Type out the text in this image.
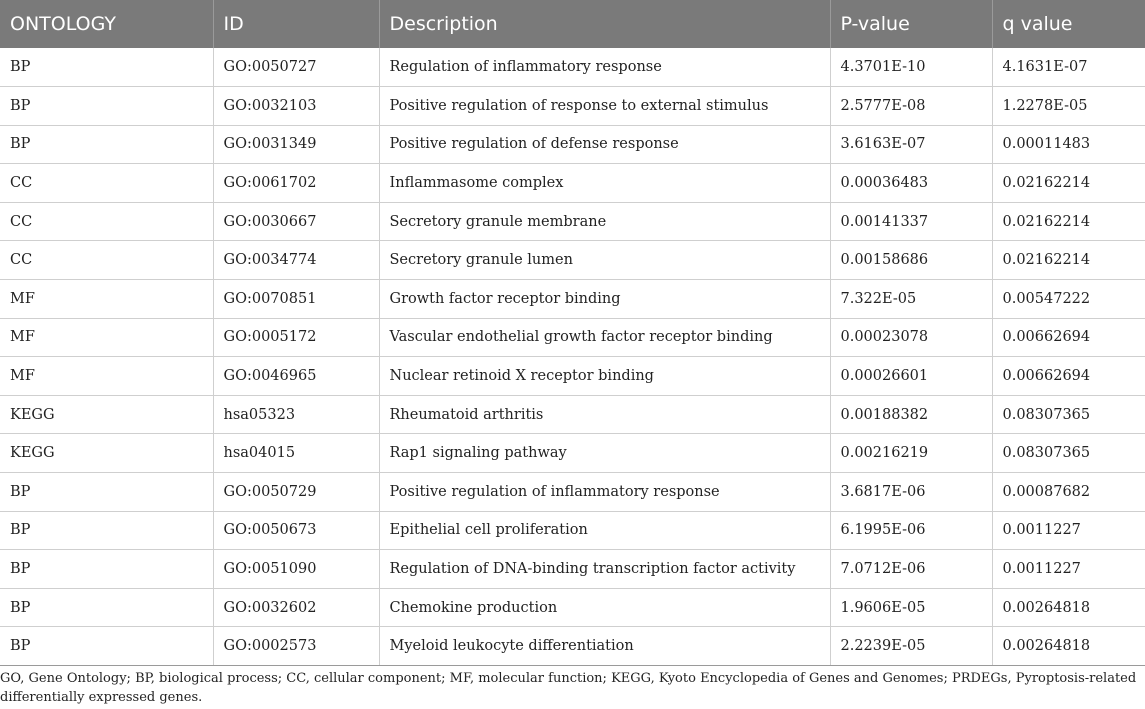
ONTOLOGY	ID	Description	P-value	q value
BP	GO:0050727	Regulation of inflammatory response	4.3701E-10	4.1631E-07
BP	GO:0032103	Positive regulation of response to external stimulus	2.5777E-08	1.2278E-05
BP	GO:0031349	Positive regulation of defense response	3.6163E-07	0.00011483
CC	GO:0061702	Inflammasome complex	0.00036483	0.02162214
CC	GO:0030667	Secretory granule membrane	0.00141337	0.02162214
CC	GO:0034774	Secretory granule lumen	0.00158686	0.02162214
MF	GO:0070851	Growth factor receptor binding	7.322E-05	0.00547222
MF	GO:0005172	Vascular endothelial growth factor receptor binding	0.00023078	0.00662694
MF	GO:0046965	Nuclear retinoid X receptor binding	0.00026601	0.00662694
KEGG	hsa05323	Rheumatoid arthritis	0.00188382	0.08307365
KEGG	hsa04015	Rap1 signaling pathway	0.00216219	0.08307365
BP	GO:0050729	Positive regulation of inflammatory response	3.6817E-06	0.00087682
BP	GO:0050673	Epithelial cell proliferation	6.1995E-06	0.0011227
BP	GO:0051090	Regulation of DNA-binding transcription factor activity	7.0712E-06	0.0011227
BP	GO:0032602	Chemokine production	1.9606E-05	0.00264818
BP	GO:0002573	Myeloid leukocyte differentiation	2.2239E-05	0.00264818
GO, Gene Ontology; BP, biological process; CC, cellular component; MF, molecular function; KEGG, Kyoto Encyclopedia of Genes and Genomes; PRDEGs, Pyroptosis-related differentially expressed genes.
